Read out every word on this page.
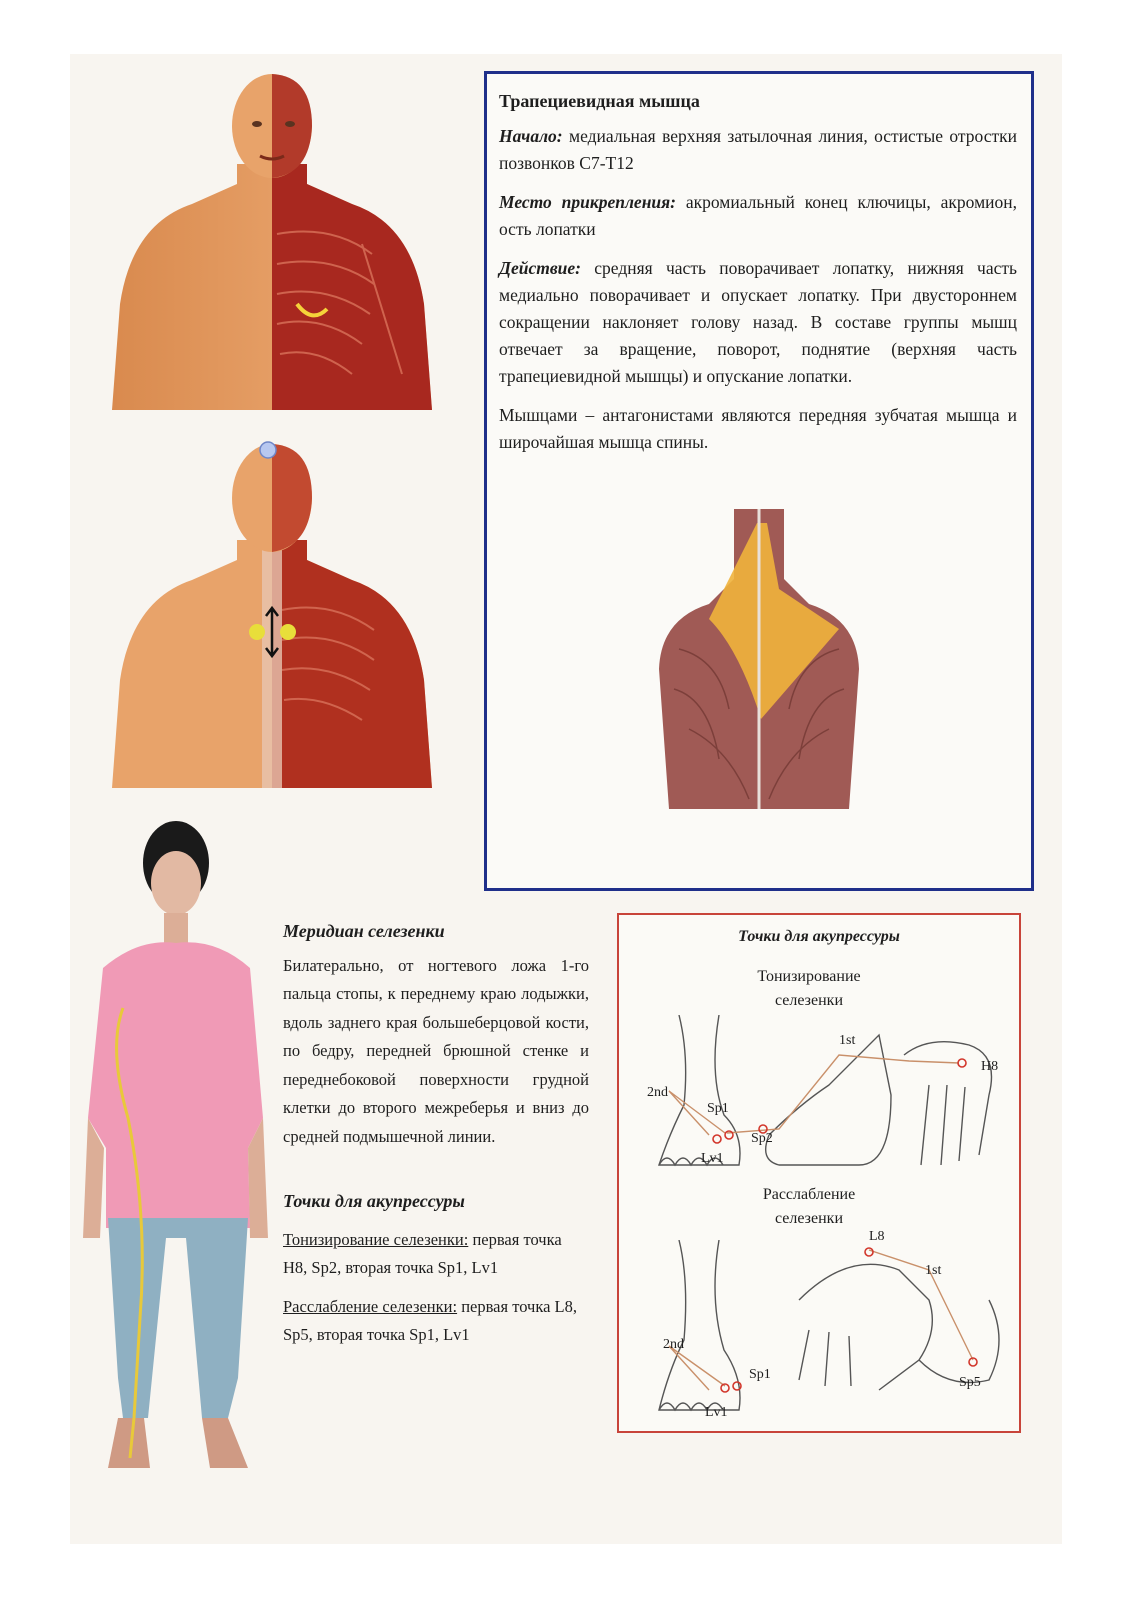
Трапециевидная мышца

Начало: медиальная верхняя затылочная линия, остистые отростки позвонков C7-T12

Место прикрепления: акромиальный конец ключицы, акромион, ость лопатки

Действие: средняя часть поворачивает лопатку, нижняя часть медиально поворачивает и опускает лопатку. При двустороннем сокращении наклоняет голову назад. В составе группы мышц отвечает за вращение, поворот, поднятие (верхняя часть трапециевидной мышцы) и опускание лопатки.

Мышцами – антагонистами являются передняя зубчатая мышца и широчайшая мышца спины.

Меридиан селезенки
Билатерально, от ногтевого ложа 1-го пальца стопы, к переднему краю лодыжки, вдоль заднего края большеберцовой кости, по бедру, передней брюшной стенке и переднебоковой поверхности грудной клетки до второго межреберья и вниз до средней подмышечной линии.
Точки для акупрессуры
Тонизирование селезенки: первая точка H8, Sp2, вторая точка Sp1, Lv1
Расслабление селезенки: первая точка L8, Sp5, вторая точка Sp1, Lv1
Точки для акупрессуры
Тонизирование
селезенки
Расслабление
селезенки
1st
2nd
Sp1
Sp2
Lv1
H8
L8
1st
2nd
Sp1
Lv1
Sp5
